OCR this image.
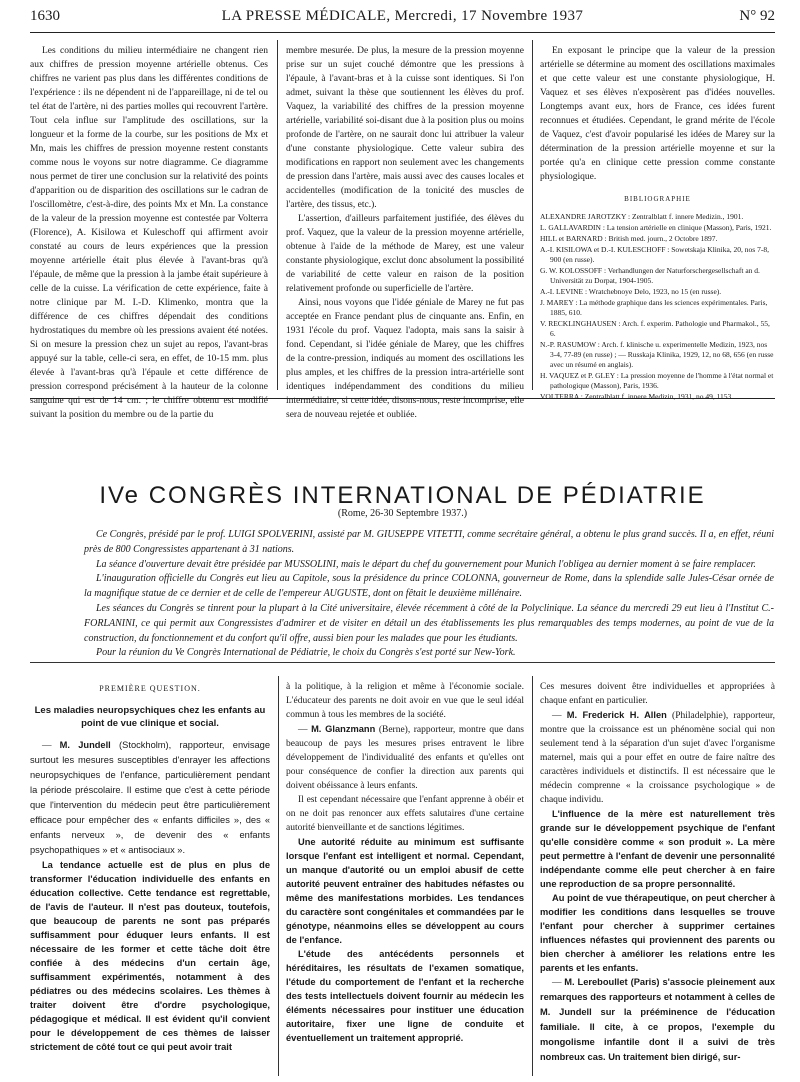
1630	LA PRESSE MÉDICALE, Mercredi, 17 Novembre 1937	N° 92

Les conditions du milieu intermédiaire ne changent rien aux chiffres de pression moyenne artérielle obtenus. Ces chiffres ne varient pas plus dans les différentes conditions de l'expérience : ils ne dépendent ni de l'appareillage, ni de tel ou tel état de l'artère, ni des parties molles qui recouvrent l'artère. Tout cela influe sur l'amplitude des oscillations, sur la longueur et la forme de la courbe, sur les positions de Mx et Mn, mais les chiffres de pression moyenne restent constants comme nous le voyons sur notre diagramme. Ce diagramme nous permet de tirer une conclusion sur la relativité des points d'apparition ou de disparition des oscillations sur le cadran de l'oscillomètre, c'est-à-dire, des points Mx et Mn. La constance de la valeur de la pression moyenne est contestée par Volterra (Florence), A. Kisilowa et Kuleschoff qui affirment avoir constaté au cours de leurs expériences que la pression moyenne artérielle était plus élevée à l'avant-bras qu'à l'épaule, de même que la pression à la jambe était supérieure à celle de la cuisse. La vérification de cette expérience, faite à notre clinique par M. I.-D. Klimenko, montra que la différence de ces chiffres dépendait des conditions hydrostatiques du membre où les pressions avaient été notées. Si on mesure la pression chez un sujet au repos, l'avant-bras appuyé sur la table, celle-ci sera, en effet, de 10-15 mm. plus élevée à l'avant-bras qu'à l'épaule et cette différence de pression correspond précisément à la hauteur de la colonne sanguine qui est de 14 cm. ; le chiffre obtenu est modifié suivant la position du membre ou de la partie du

membre mesurée. De plus, la mesure de la pression moyenne prise sur un sujet couché démontre que les pressions à l'épaule, à l'avant-bras et à la cuisse sont identiques. Si l'on admet, suivant la thèse que soutiennent les élèves du prof. Vaquez, la variabilité des chiffres de la pression moyenne artérielle, variabilité soi-disant due à la position plus ou moins profonde de l'artère, on ne saurait donc lui attribuer la valeur d'une constante physiologique. Cette valeur subira des modifications en rapport non seulement avec les changements de pression dans l'artère, mais aussi avec des causes locales et accidentelles (modification de la tonicité des muscles de l'artère, des tissus, etc.).

L'assertion, d'ailleurs parfaitement justifiée, des élèves du prof. Vaquez, que la valeur de la pression moyenne artérielle, obtenue à l'aide de la méthode de Marey, est une valeur constante physiologique, exclut donc absolument la possibilité de variabilité de cette valeur en raison de la position relativement profonde ou superficielle de l'artère.

Ainsi, nous voyons que l'idée géniale de Marey ne fut pas acceptée en France pendant plus de cinquante ans. Enfin, en 1931 l'école du prof. Vaquez l'adopta, mais sans la saisir à fond. Cependant, si l'idée géniale de Marey, que les chiffres de la contre-pression, indiqués au moment des oscillations les plus amples, et les chiffres de la pression intra-artérielle sont identiques indépendamment des conditions du milieu intermédiaire, si cette idée, disons-nous, reste incomprise, elle sera de nouveau rejetée et oubliée.

En exposant le principe que la valeur de la pression artérielle se détermine au moment des oscillations maximales et que cette valeur est une constante physiologique, H. Vaquez et ses élèves n'exposèrent pas d'idées nouvelles. Longtemps avant eux, hors de France, ces idées furent reconnues et étudiées. Cependant, le grand mérite de l'école de Vaquez, c'est d'avoir popularisé les idées de Marey sur la détermination de la pression artérielle moyenne et sur la portée qu'a en clinique cette pression comme constante physiologique.

BIBLIOGRAPHIE

ALEXANDRE JAROTZKY : Zentralblatt f. innere Medizin., 1901.

L. GALLAVARDIN : La tension artérielle en clinique (Masson), Paris, 1921.

HILL et BARNARD : British med. journ., 2 Octobre 1897.

A.-I. KISILOWA et D.-I. KULESCHOFF : Sowetskaja Klinika, 20, nos 7-8, 900 (en russe).

G. W. KOLOSSOFF : Verhandlungen der Naturforschergesellschaft an d. Universität zu Dorpat, 1904-1905.

A.-I. LEVINE : Wratchebnoye Delo, 1923, no 15 (en russe).

J. MAREY : La méthode graphique dans les sciences expérimentales. Paris, 1885, 610.

V. RECKLINGHAUSEN : Arch. f. experim. Pathologie und Pharmakol., 55, 6.

N.-P. RASUMOW : Arch. f. klinische u. experimentelle Medizin, 1923, nos 3-4, 77-89 (en russe) ; — Russkaja Klinika, 1929, 12, no 68, 656 (en russe avec un résumé en anglais).

H. VAQUEZ et P. GLEY : La pression moyenne de l'homme à l'état normal et pathologique (Masson), Paris, 1936.

VOLTERRA : Zentralblatt f. innere Medizin, 1931, no 49, 1153.

IVe CONGRÈS INTERNATIONAL DE PÉDIATRIE
(Rome, 26-30 Septembre 1937.)

Ce Congrès, présidé par le prof. LUIGI SPOLVERINI, assisté par M. GIUSEPPE VITETTI, comme secrétaire général, a obtenu le plus grand succès. Il a, en effet, réuni près de 800 Congressistes appartenant à 31 nations.

La séance d'ouverture devait être présidée par MUSSOLINI, mais le départ du chef du gouvernement pour Munich l'obligea au dernier moment à se faire remplacer.

L'inauguration officielle du Congrès eut lieu au Capitole, sous la présidence du prince COLONNA, gouverneur de Rome, dans la splendide salle Jules-César ornée de la magnifique statue de ce dernier et de celle de l'empereur AUGUSTE, dont on fêtait le deuxième millénaire.

Les séances du Congrès se tinrent pour la plupart à la Cité universitaire, élevée récemment à côté de la Polyclinique. La séance du mercredi 29 eut lieu à l'Institut C.-FORLANINI, ce qui permit aux Congressistes d'admirer et de visiter en détail un des établissements les plus remarquables des temps modernes, au point de vue de la construction, du fonctionnement et du confort qu'il offre, aussi bien pour les malades que pour les étudiants.

Pour la réunion du Ve Congrès International de Pédiatrie, le choix du Congrès s'est porté sur New-York.

PREMIÈRE QUESTION.
Les maladies neuropsychiques chez les enfants au point de vue clinique et social.

— M. Jundell (Stockholm), rapporteur, envisage surtout les mesures susceptibles d'enrayer les affections neuropsychiques de l'enfance, particulièrement pendant la période préscolaire. Il estime que c'est à cette période que l'intervention du médecin peut être particulièrement efficace pour empêcher des « enfants difficiles », des « enfants nerveux », de devenir des « enfants psychopathiques » et « antisociaux ».

La tendance actuelle est de plus en plus de transformer l'éducation individuelle des enfants en éducation collective. Cette tendance est regrettable, de l'avis de l'auteur. Il n'est pas douteux, toutefois, que beaucoup de parents ne sont pas préparés suffisamment pour éduquer leurs enfants. Il est nécessaire de les former et cette tâche doit être confiée à des médecins d'un certain âge, suffisamment expérimentés, notamment à des pédiatres ou des médecins scolaires. Les thèmes à traiter doivent être d'ordre psychologique, pédagogique et médical. Il est évident qu'il convient pour le développement de ces thèmes de laisser strictement de côté tout ce qui peut avoir trait

à la politique, à la religion et même à l'économie sociale. L'éducateur des parents ne doit avoir en vue que le seul idéal commun à tous les membres de la société.

— M. Glanzmann (Berne), rapporteur, montre que dans beaucoup de pays les mesures prises entravent le libre développement de l'individualité des enfants et qu'elles ont pour conséquence de confier la direction aux parents qui doivent obéissance à leurs enfants.

Il est cependant nécessaire que l'enfant apprenne à obéir et on ne doit pas renoncer aux effets salutaires d'une certaine autorité bienveillante et de sanctions légitimes.

Une autorité réduite au minimum est suffisante lorsque l'enfant est intelligent et normal. Cependant, un manque d'autorité ou un emploi abusif de cette autorité peuvent entraîner des habitudes néfastes ou même des manifestations morbides. Les tendances du caractère sont congénitales et commandées par le génotype, néanmoins elles se développent au cours de l'enfance.

L'étude des antécédents personnels et héréditaires, les résultats de l'examen somatique, l'étude du comportement de l'enfant et la recherche des tests intellectuels doivent fournir au médecin les éléments nécessaires pour instituer une éducation autoritaire, fixer une ligne de conduite et éventuellement un traitement approprié.

Ces mesures doivent être individuelles et appropriées à chaque enfant en particulier.

— M. Frederick H. Allen (Philadelphie), rapporteur, montre que la croissance est un phénomène social qui non seulement tend à la séparation d'un sujet d'avec l'organisme maternel, mais qui a pour effet en outre de faire naître des caractères individuels et distinctifs. Il est nécessaire que le médecin comprenne « la croissance psychologique » de chaque individu.

L'influence de la mère est naturellement très grande sur le développement psychique de l'enfant qu'elle considère comme « son produit ». La mère peut permettre à l'enfant de devenir une personnalité indépendante comme elle peut chercher à en faire une reproduction de sa propre personnalité.

Au point de vue thérapeutique, on peut chercher à modifier les conditions dans lesquelles se trouve l'enfant pour chercher à supprimer certaines influences néfastes qui proviennent des parents ou bien chercher à améliorer les relations entre les parents et les enfants.

— M. Lereboullet (Paris) s'associe pleinement aux remarques des rapporteurs et notamment à celles de M. Jundell sur la prééminence de l'éducation familiale. Il cite, à ce propos, l'exemple du mongolisme infantile dont il a suivi de très nombreux cas. Un traitement bien dirigé, sur-
